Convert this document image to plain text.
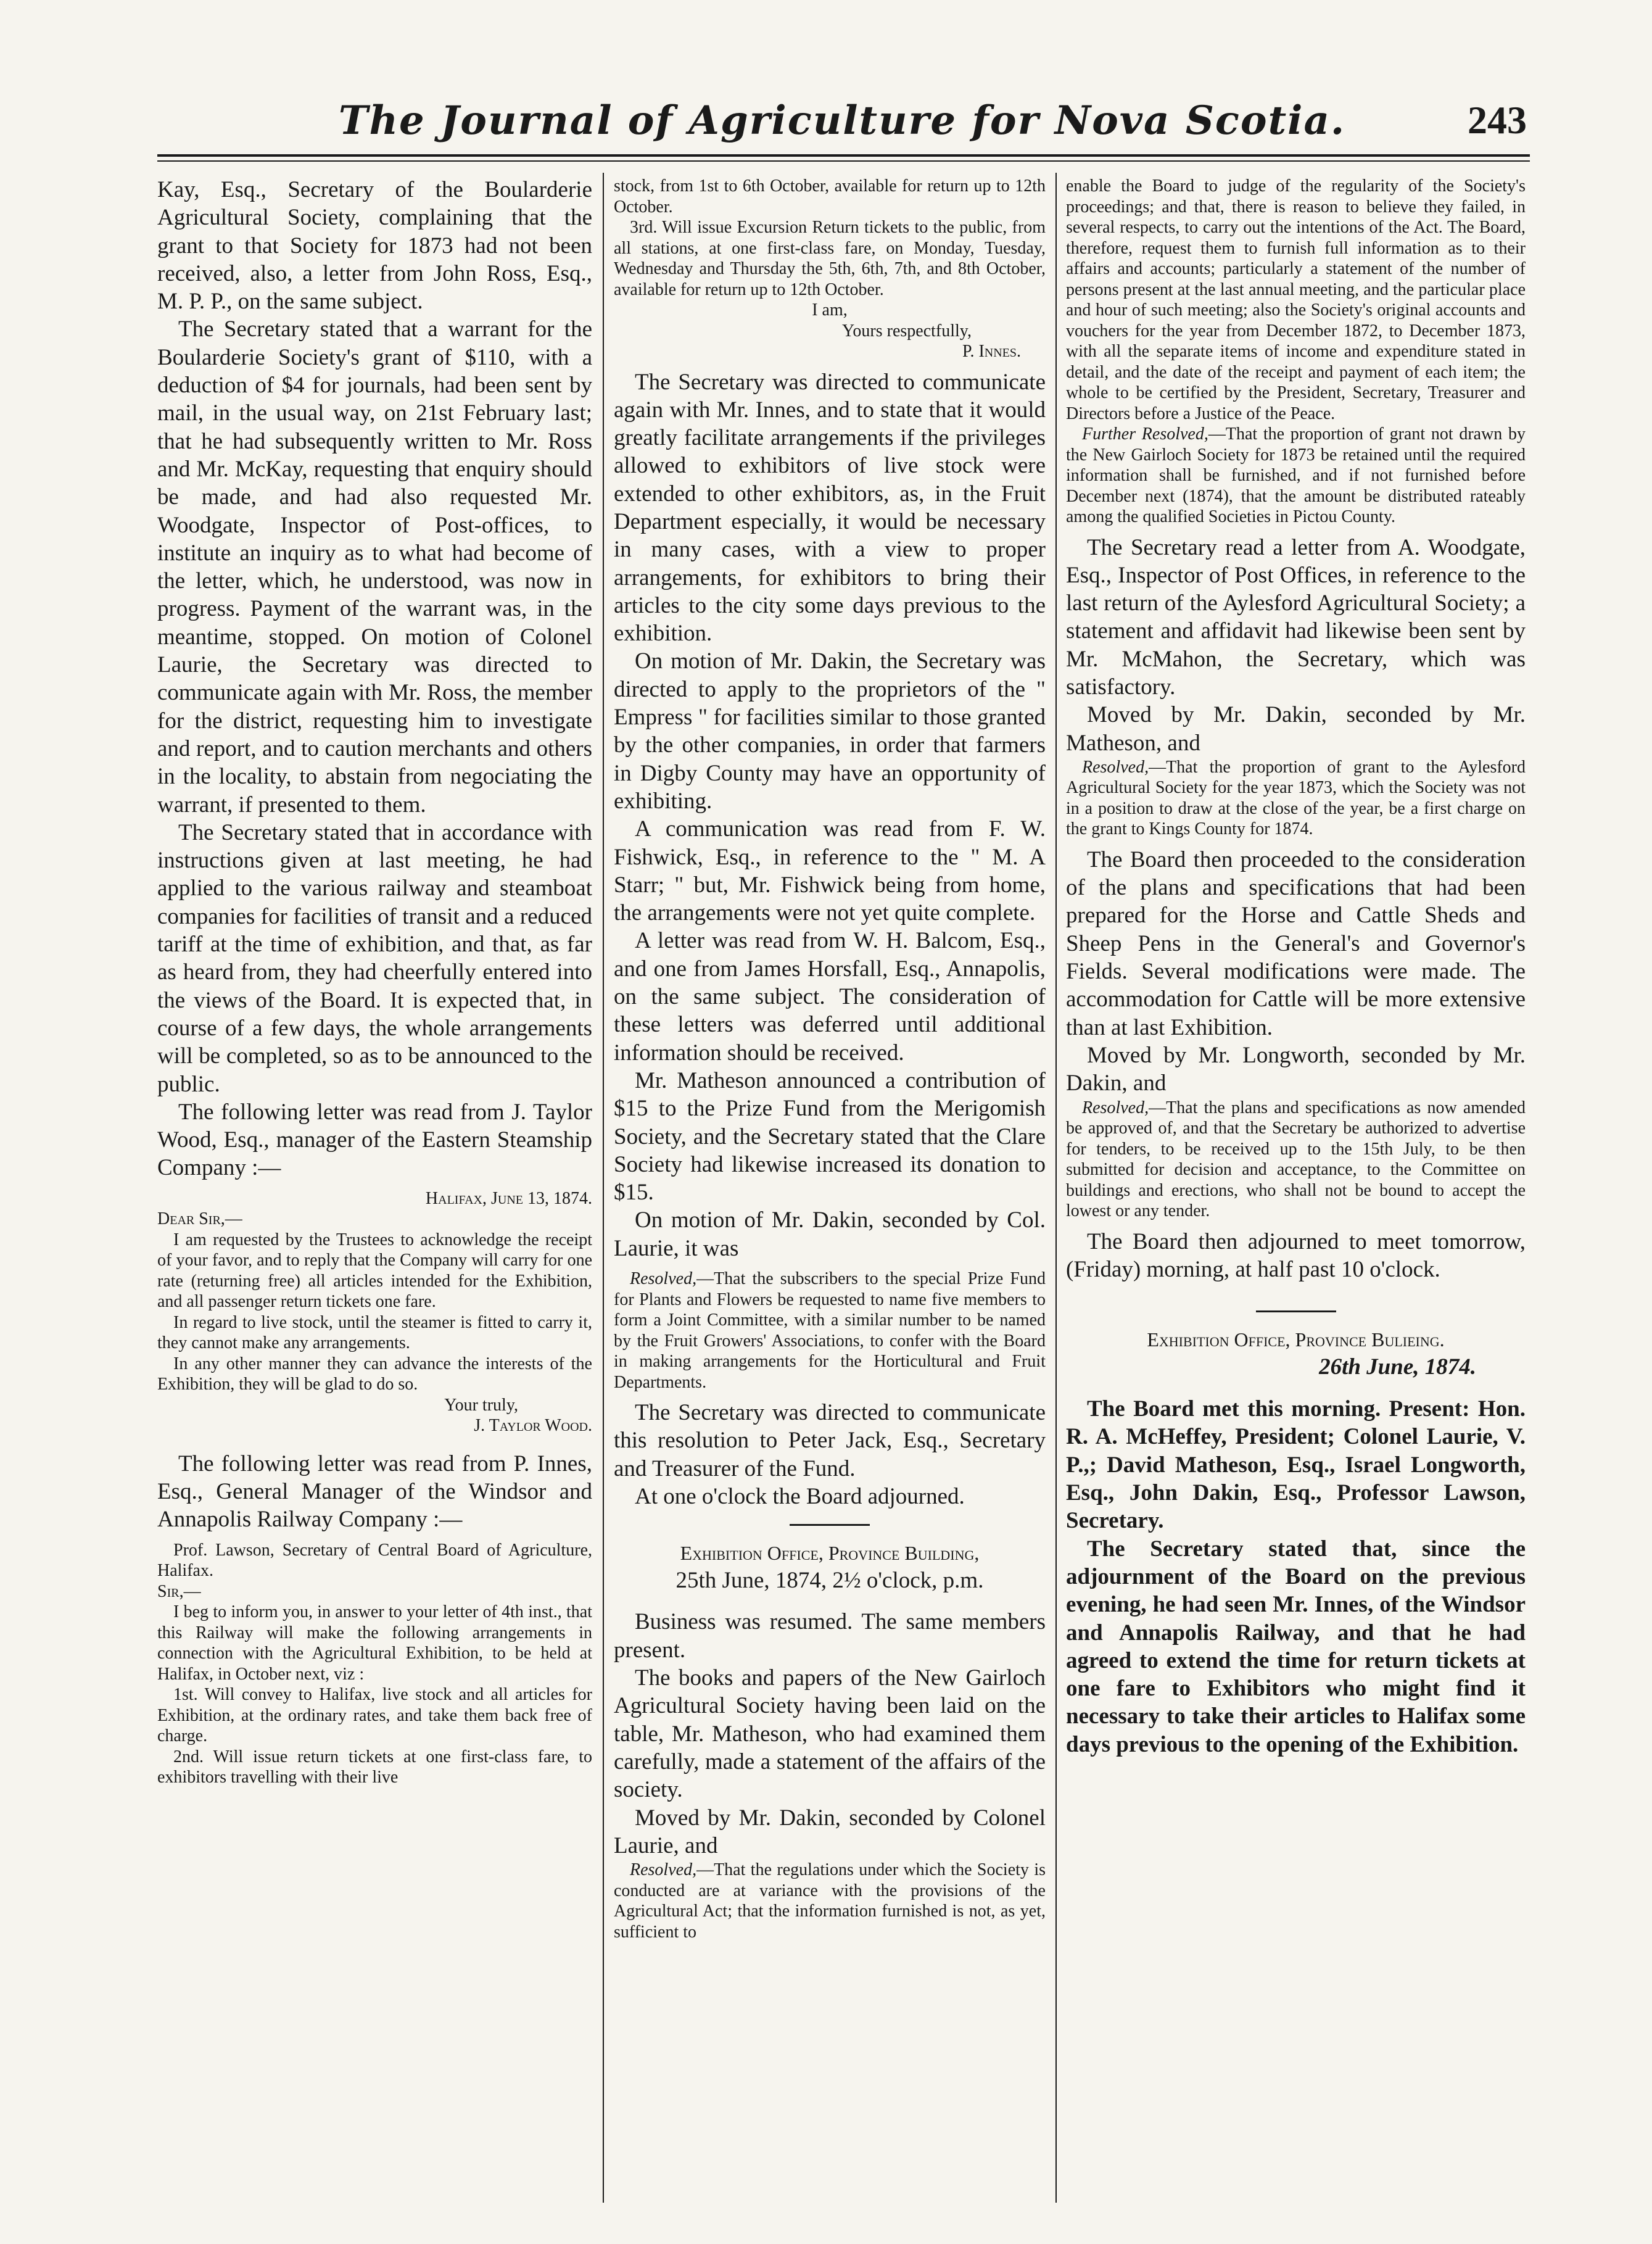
The Journal of Agriculture for Nova Scotia.	243

Kay, Esq., Secretary of the Boularderie Agricultural Society, complaining that the grant to that Society for 1873 had not been received, also, a letter from John Ross, Esq., M. P. P., on the same subject.

The Secretary stated that a warrant for the Boularderie Society's grant of $110, with a deduction of $4 for journals, had been sent by mail, in the usual way, on 21st February last; that he had subsequently written to Mr. Ross and Mr. McKay, requesting that enquiry should be made, and had also requested Mr. Woodgate, Inspector of Post-offices, to institute an inquiry as to what had become of the letter, which, he understood, was now in progress. Payment of the warrant was, in the meantime, stopped. On motion of Colonel Laurie, the Secretary was directed to communicate again with Mr. Ross, the member for the district, requesting him to investigate and report, and to caution merchants and others in the locality, to abstain from negociating the warrant, if presented to them.

The Secretary stated that in accordance with instructions given at last meeting, he had applied to the various railway and steamboat companies for facilities of transit and a reduced tariff at the time of exhibition, and that, as far as heard from, they had cheerfully entered into the views of the Board. It is expected that, in course of a few days, the whole arrangements will be completed, so as to be announced to the public.

The following letter was read from J. Taylor Wood, Esq., manager of the Eastern Steamship Company :—

Halifax, June 13, 1874.

Dear Sir,—

I am requested by the Trustees to acknowledge the receipt of your favor, and to reply that the Company will carry for one rate (returning free) all articles intended for the Exhibition, and all passenger return tickets one fare.

In regard to live stock, until the steamer is fitted to carry it, they cannot make any arrangements.

In any other manner they can advance the interests of the Exhibition, they will be glad to do so.

Your truly,

J. Taylor Wood.

The following letter was read from P. Innes, Esq., General Manager of the Windsor and Annapolis Railway Company :—

Prof. Lawson, Secretary of Central Board of Agriculture, Halifax.

Sir,—

I beg to inform you, in answer to your letter of 4th inst., that this Railway will make the following arrangements in connection with the Agricultural Exhibition, to be held at Halifax, in October next, viz :

1st. Will convey to Halifax, live stock and all articles for Exhibition, at the ordinary rates, and take them back free of charge.

2nd. Will issue return tickets at one first-class fare, to exhibitors travelling with their live

stock, from 1st to 6th October, available for return up to 12th October.

3rd. Will issue Excursion Return tickets to the public, from all stations, at one first-class fare, on Monday, Tuesday, Wednesday and Thursday the 5th, 6th, 7th, and 8th October, available for return up to 12th October.

I am,

Yours respectfully,

P. Innes.

The Secretary was directed to communicate again with Mr. Innes, and to state that it would greatly facilitate arrangements if the privileges allowed to exhibitors of live stock were extended to other exhibitors, as, in the Fruit Department especially, it would be necessary in many cases, with a view to proper arrangements, for exhibitors to bring their articles to the city some days previous to the exhibition.

On motion of Mr. Dakin, the Secretary was directed to apply to the proprietors of the " Empress " for facilities similar to those granted by the other companies, in order that farmers in Digby County may have an opportunity of exhibiting.

A communication was read from F. W. Fishwick, Esq., in reference to the " M. A Starr; " but, Mr. Fishwick being from home, the arrangements were not yet quite complete.

A letter was read from W. H. Balcom, Esq., and one from James Horsfall, Esq., Annapolis, on the same subject. The consideration of these letters was deferred until additional information should be received.

Mr. Matheson announced a contribution of $15 to the Prize Fund from the Merigomish Society, and the Secretary stated that the Clare Society had likewise increased its donation to $15.

On motion of Mr. Dakin, seconded by Col. Laurie, it was

Resolved,—That the subscribers to the special Prize Fund for Plants and Flowers be requested to name five members to form a Joint Committee, with a similar number to be named by the Fruit Growers' Associations, to confer with the Board in making arrangements for the Horticultural and Fruit Departments.

The Secretary was directed to communicate this resolution to Peter Jack, Esq., Secretary and Treasurer of the Fund.

At one o'clock the Board adjourned.

Exhibition Office, Province Building,

25th June, 1874, 2½ o'clock, p.m.

Business was resumed. The same members present.

The books and papers of the New Gairloch Agricultural Society having been laid on the table, Mr. Matheson, who had examined them carefully, made a statement of the affairs of the society.

Moved by Mr. Dakin, seconded by Colonel Laurie, and

Resolved,—That the regulations under which the Society is conducted are at variance with the provisions of the Agricultural Act; that the information furnished is not, as yet, sufficient to

enable the Board to judge of the regularity of the Society's proceedings; and that, there is reason to believe they failed, in several respects, to carry out the intentions of the Act. The Board, therefore, request them to furnish full information as to their affairs and accounts; particularly a statement of the number of persons present at the last annual meeting, and the particular place and hour of such meeting; also the Society's original accounts and vouchers for the year from December 1872, to December 1873, with all the separate items of income and expenditure stated in detail, and the date of the receipt and payment of each item; the whole to be certified by the President, Secretary, Treasurer and Directors before a Justice of the Peace.

Further Resolved,—That the proportion of grant not drawn by the New Gairloch Society for 1873 be retained until the required information shall be furnished, and if not furnished before December next (1874), that the amount be distributed rateably among the qualified Societies in Pictou County.

The Secretary read a letter from A. Woodgate, Esq., Inspector of Post Offices, in reference to the last return of the Aylesford Agricultural Society; a statement and affidavit had likewise been sent by Mr. McMahon, the Secretary, which was satisfactory.

Moved by Mr. Dakin, seconded by Mr. Matheson, and

Resolved,—That the proportion of grant to the Aylesford Agricultural Society for the year 1873, which the Society was not in a position to draw at the close of the year, be a first charge on the grant to Kings County for 1874.

The Board then proceeded to the consideration of the plans and specifications that had been prepared for the Horse and Cattle Sheds and Sheep Pens in the General's and Governor's Fields. Several modifications were made. The accommodation for Cattle will be more extensive than at last Exhibition.

Moved by Mr. Longworth, seconded by Mr. Dakin, and

Resolved,—That the plans and specifications as now amended be approved of, and that the Secretary be authorized to advertise for tenders, to be received up to the 15th July, to be then submitted for decision and acceptance, to the Committee on buildings and erections, who shall not be bound to accept the lowest or any tender.

The Board then adjourned to meet tomorrow, (Friday) morning, at half past 10 o'clock.

Exhibition Office, Province Bulieing.

26th June, 1874.

The Board met this morning. Present: Hon. R. A. McHeffey, President; Colonel Laurie, V. P.,; David Matheson, Esq., Israel Longworth, Esq., John Dakin, Esq., Professor Lawson, Secretary.

The Secretary stated that, since the adjournment of the Board on the previous evening, he had seen Mr. Innes, of the Windsor and Annapolis Railway, and that he had agreed to extend the time for return tickets at one fare to Exhibitors who might find it necessary to take their articles to Halifax some days previous to the opening of the Exhibition.
